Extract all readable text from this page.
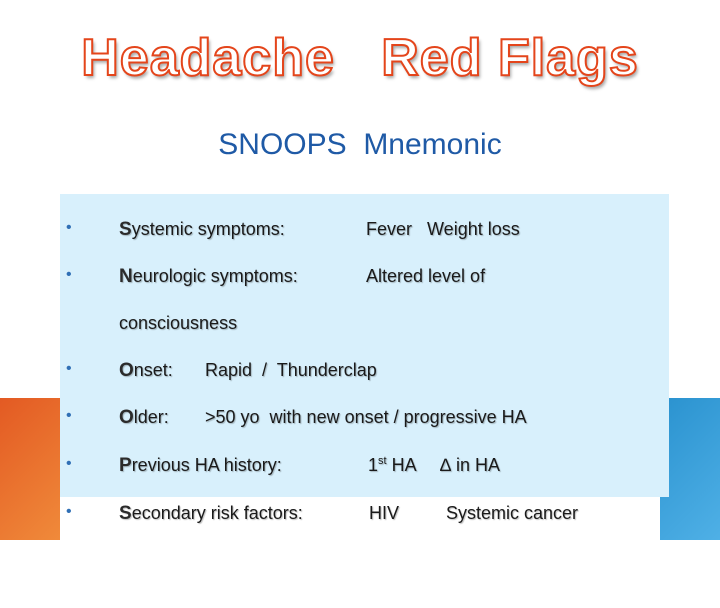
Headache   Red Flags
SNOOPS  Mnemonic

•

Systemic symptoms:

	Fever   Weight loss

•

Neurologic symptoms:

	Altered level of

consciousness

•

Onset:

Rapid  /  Thunderclap

•

Older:

>50 yo  with new onset / progressive HA

•

Previous HA history:

	1st HA

∆ in HA

•

Secondary risk factors:

	HIV

	Systemic cancer
